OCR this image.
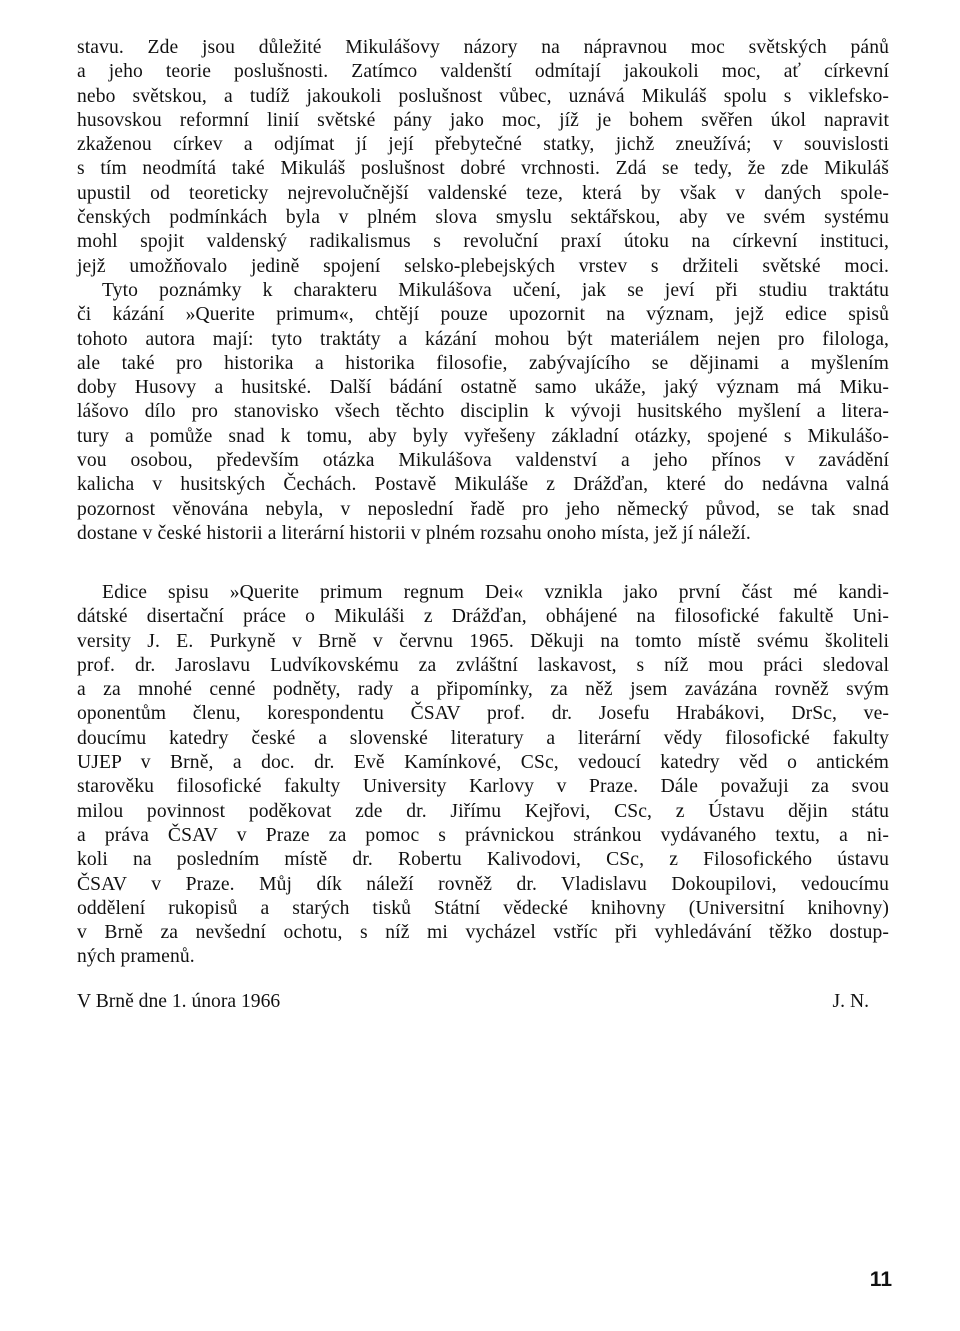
stavu. Zde jsou důležité Mikulášovy názory na nápravnou moc světských pánů
a jeho teorie poslušnosti. Zatímco valdenští odmítají jakoukoli moc, ať církevní
nebo světskou, a tudíž jakoukoli poslušnost vůbec, uznává Mikuláš spolu s viklefsko-
husovskou reformní linií světské pány jako moc, jíž je bohem svěřen úkol napravit
zkaženou církev a odjímat jí její přebytečné statky, jichž zneužívá; v souvislosti
s tím neodmítá také Mikuláš poslušnost dobré vrchnosti. Zdá se tedy, že zde Mikuláš
upustil od teoreticky nejrevolučnější valdenské teze, která by však v daných spole-
čenských podmínkách byla v plném slova smyslu sektářskou, aby ve svém systému
mohl spojit valdenský radikalismus s revoluční praxí útoku na církevní instituci,
jejž umožňovalo jedině spojení selsko-plebejských vrstev s držiteli světské moci.
Tyto poznámky k charakteru Mikulášova učení, jak se jeví při studiu traktátu
či kázání »Querite primum«, chtějí pouze upozornit na význam, jejž edice spisů
tohoto autora mají: tyto traktáty a kázání mohou být materiálem nejen pro filologa,
ale také pro historika a historika filosofie, zabývajícího se dějinami a myšlením
doby Husovy a husitské. Další bádání ostatně samo ukáže, jaký význam má Miku-
lášovo dílo pro stanovisko všech těchto disciplin k vývoji husitského myšlení a litera-
tury a pomůže snad k tomu, aby byly vyřešeny základní otázky, spojené s Mikulášo-
vou osobou, především otázka Mikulášova valdenství a jeho přínos v zavádění
kalicha v husitských Čechách. Postavě Mikuláše z Drážďan, které do nedávna valná
pozornost věnována nebyla, v neposlední řadě pro jeho německý původ, se tak snad
dostane v české historii a literární historii v plném rozsahu onoho místa, jež jí náleží.
Edice spisu »Querite primum regnum Dei« vznikla jako první část mé kandi-
dátské disertační práce o Mikuláši z Drážďan, obhájené na filosofické fakultě Uni-
versity J. E. Purkyně v Brně v červnu 1965. Děkuji na tomto místě svému školiteli
prof. dr. Jaroslavu Ludvíkovskému za zvláštní laskavost, s níž mou práci sledoval
a za mnohé cenné podněty, rady a připomínky, za něž jsem zavázána rovněž svým
oponentům členu, korespondentu ČSAV prof. dr. Josefu Hrabákovi, DrSc, ve-
doucímu katedry české a slovenské literatury a literární vědy filosofické fakulty
UJEP v Brně, a doc. dr. Evě Kamínkové, CSc, vedoucí katedry věd o antickém
starověku filosofické fakulty University Karlovy v Praze. Dále považuji za svou
milou povinnost poděkovat zde dr. Jiřímu Kejřovi, CSc, z Ústavu dějin státu
a práva ČSAV v Praze za pomoc s právnickou stránkou vydávaného textu, a ni-
koli na posledním místě dr. Robertu Kalivodovi, CSc, z Filosofického ústavu
ČSAV v Praze. Můj dík náleží rovněž dr. Vladislavu Dokoupilovi, vedoucímu
oddělení rukopisů a starých tisků Státní vědecké knihovny (Universitní knihovny)
v Brně za nevšední ochotu, s níž mi vycházel vstříc při vyhledávání těžko dostup-
ných pramenů.
V Brně dne 1. února 1966	J. N.
11
